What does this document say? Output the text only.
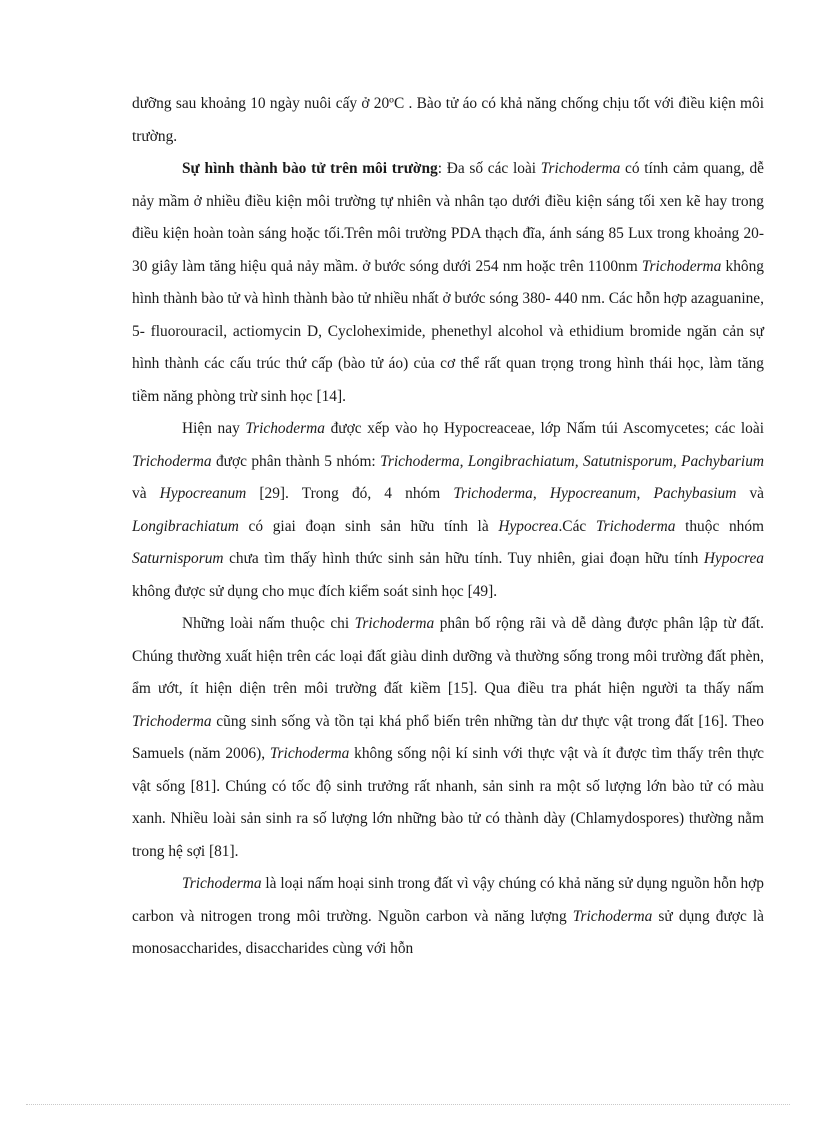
dưỡng sau khoảng 10 ngày nuôi cấy ở 20ºC . Bào tử áo có khả năng chống chịu tốt với điều kiện môi trường.

Sự hình thành bào tử trên môi trường: Đa số các loài Trichoderma có tính cảm quang, dễ nảy mầm ở nhiều điều kiện môi trường tự nhiên và nhân tạo dưới điều kiện sáng tối xen kẽ hay trong điều kiện hoàn toàn sáng hoặc tối.Trên môi trường PDA thạch đĩa, ánh sáng 85 Lux trong khoảng 20- 30 giây làm tăng hiệu quả nảy mầm. ở bước sóng dưới 254 nm hoặc trên 1100nm Trichoderma không hình thành bào tử và hình thành bào tử nhiều nhất ở bước sóng 380- 440 nm. Các hỗn hợp azaguanine, 5- fluorouracil, actiomycin D, Cycloheximide, phenethyl alcohol và ethidium bromide ngăn cản sự hình thành các cấu trúc thứ cấp (bào tử áo) của cơ thể rất quan trọng trong hình thái học, làm tăng tiềm năng phòng trừ sinh học [14].

Hiện nay Trichoderma được xếp vào họ Hypocreaceae, lớp Nấm túi Ascomycetes; các loài Trichoderma được phân thành 5 nhóm: Trichoderma, Longibrachiatum, Satutnisporum, Pachybarium và Hypocreanum [29]. Trong đó, 4 nhóm Trichoderma, Hypocreanum, Pachybasium và Longibrachiatum có giai đoạn sinh sản hữu tính là Hypocrea.Các Trichoderma thuộc nhóm Saturnisporum chưa tìm thấy hình thức sinh sản hữu tính. Tuy nhiên, giai đoạn hữu tính Hypocrea không được sử dụng cho mục đích kiểm soát sinh học [49].

Những loài nấm thuộc chi Trichoderma phân bố rộng rãi và dễ dàng được phân lập từ đất. Chúng thường xuất hiện trên các loại đất giàu dinh dưỡng và thường sống trong môi trường đất phèn, ẩm ướt, ít hiện diện trên môi trường đất kiềm [15]. Qua điều tra phát hiện người ta thấy nấm Trichoderma cũng sinh sống và tồn tại khá phổ biến trên những tàn dư thực vật trong đất [16]. Theo Samuels (năm 2006), Trichoderma không sống nội kí sinh với thực vật và ít được tìm thấy trên thực vật sống [81]. Chúng có tốc độ sinh trưởng rất nhanh, sản sinh ra một số lượng lớn bào tử có màu xanh. Nhiều loài sản sinh ra số lượng lớn những bào tử có thành dày (Chlamydospores) thường nằm trong hệ sợi [81].

Trichoderma là loại nấm hoại sinh trong đất vì vậy chúng có khả năng sử dụng nguồn hỗn hợp carbon và nitrogen trong môi trường. Nguồn carbon và năng lượng Trichoderma sử dụng được là monosaccharides, disaccharides cùng với hỗn
